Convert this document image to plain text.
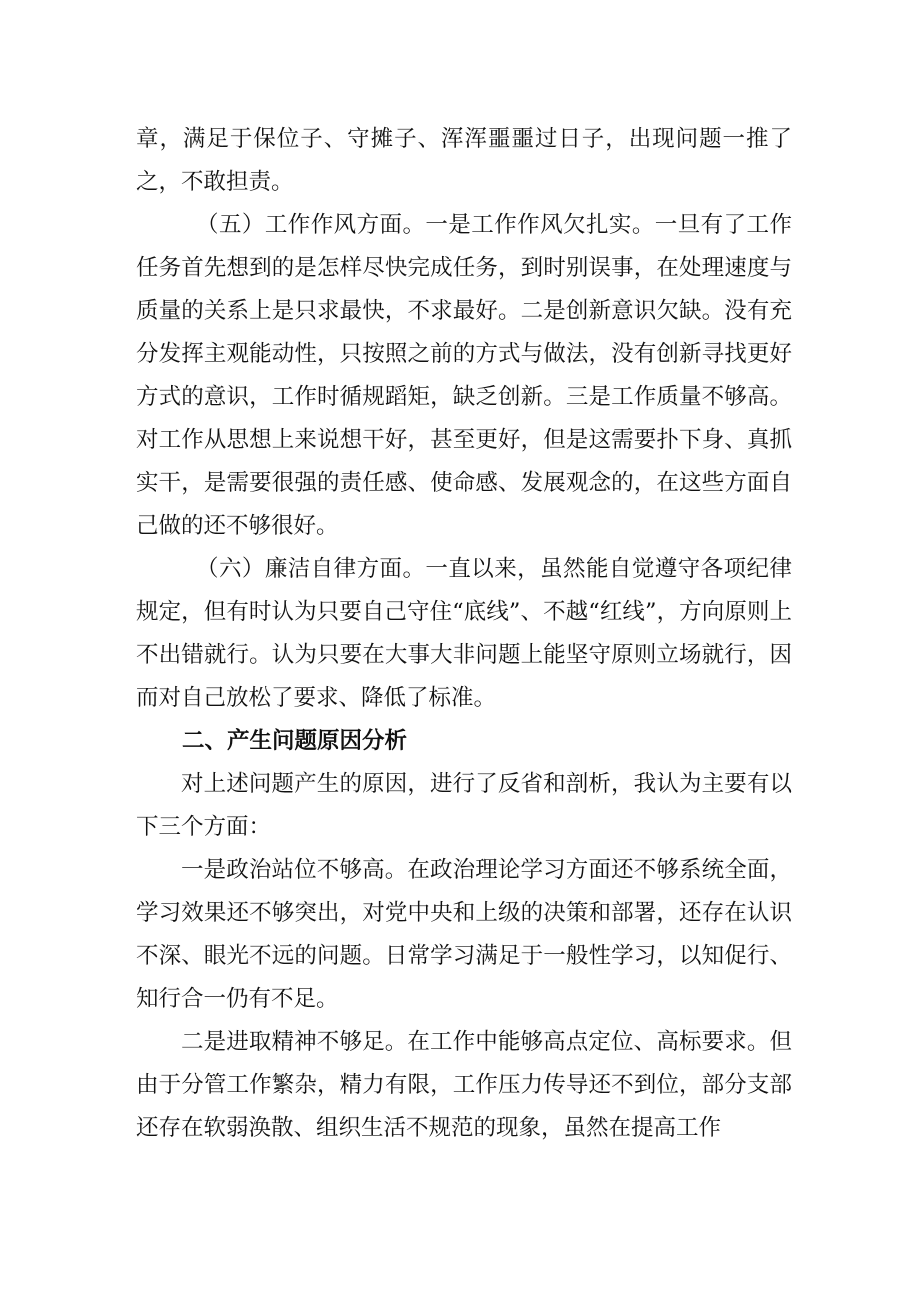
章，满足于保位子、守摊子、浑浑噩噩过日子，出现问题一推了之，不敢担责。

（五）工作作风方面。一是工作作风欠扎实。一旦有了工作任务首先想到的是怎样尽快完成任务，到时别误事，在处理速度与质量的关系上是只求最快，不求最好。二是创新意识欠缺。没有充分发挥主观能动性，只按照之前的方式与做法，没有创新寻找更好方式的意识，工作时循规蹈矩，缺乏创新。三是工作质量不够高。对工作从思想上来说想干好，甚至更好，但是这需要扑下身、真抓实干，是需要很强的责任感、使命感、发展观念的，在这些方面自己做的还不够很好。

（六）廉洁自律方面。一直以来，虽然能自觉遵守各项纪律规定，但有时认为只要自己守住“底线”、不越“红线”，方向原则上不出错就行。认为只要在大事大非问题上能坚守原则立场就行，因而对自己放松了要求、降低了标准。

二、产生问题原因分析

对上述问题产生的原因，进行了反省和剖析，我认为主要有以下三个方面：

一是政治站位不够高。在政治理论学习方面还不够系统全面，学习效果还不够突出，对党中央和上级的决策和部署，还存在认识不深、眼光不远的问题。日常学习满足于一般性学习，以知促行、知行合一仍有不足。

二是进取精神不够足。在工作中能够高点定位、高标要求。但由于分管工作繁杂，精力有限，工作压力传导还不到位，部分支部还存在软弱涣散、组织生活不规范的现象，虽然在提高工作
